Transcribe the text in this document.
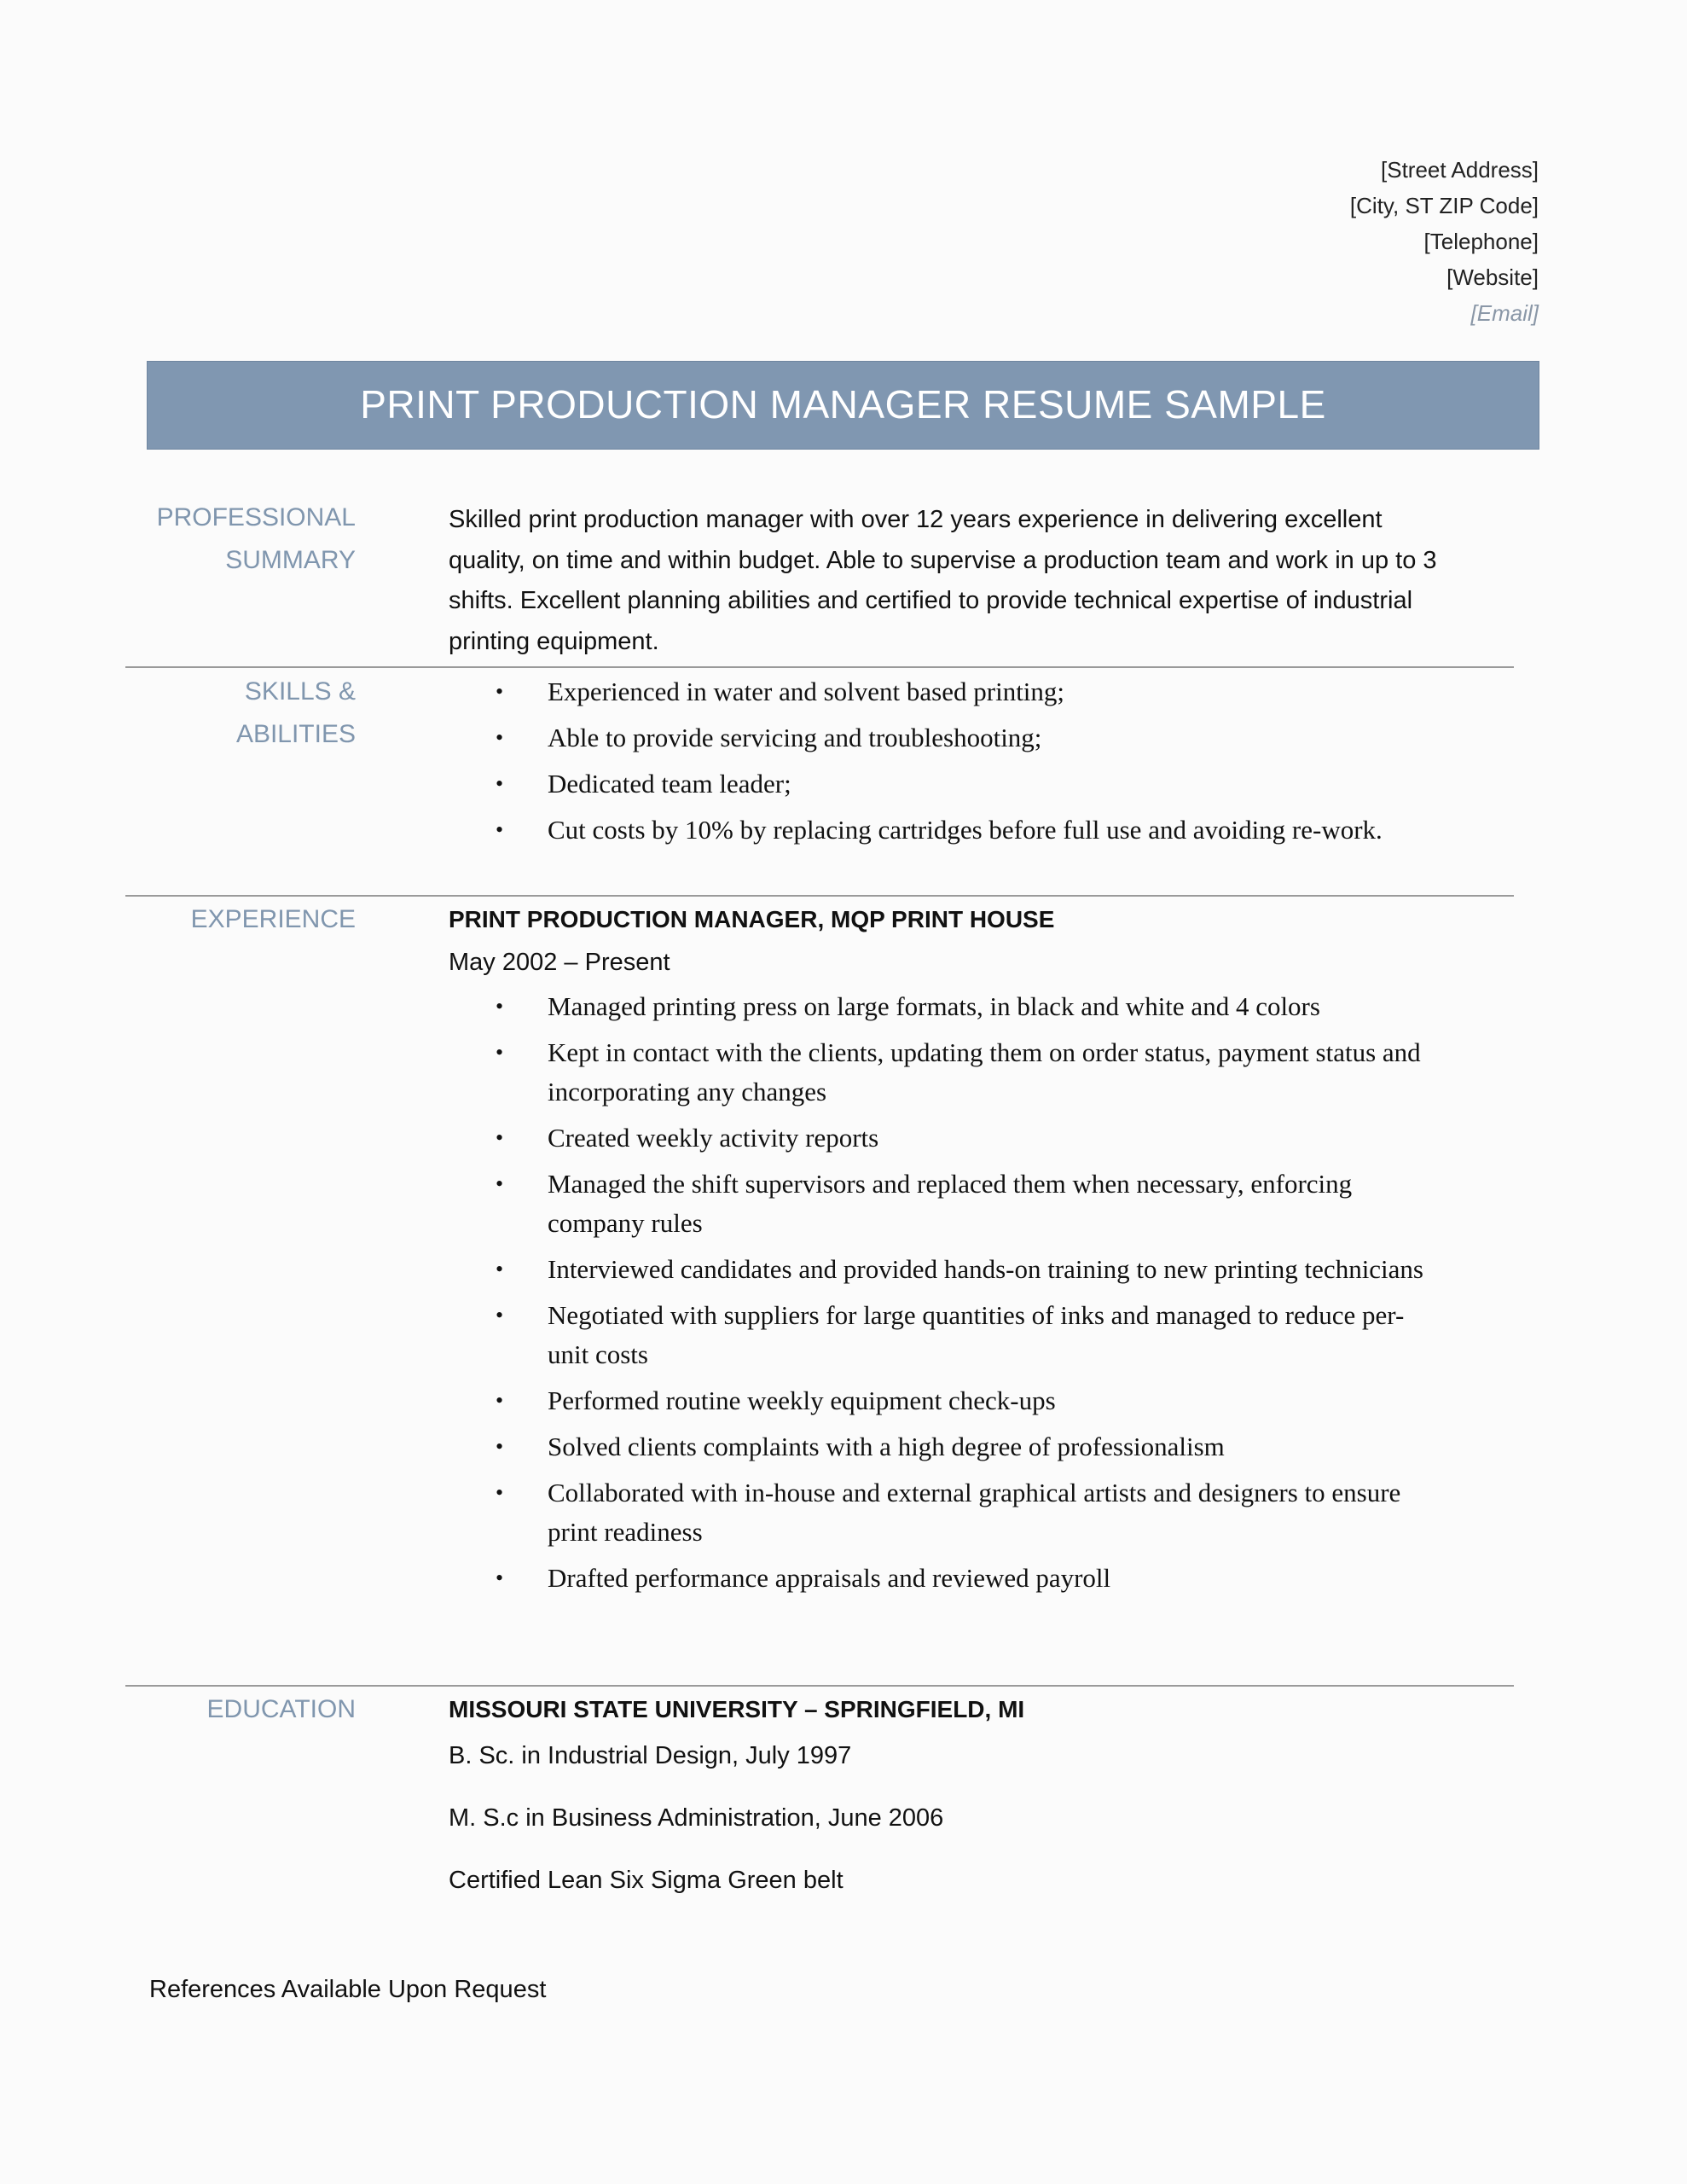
[Street Address]
[City, ST ZIP Code]
[Telephone]
[Website]
[Email]
PRINT PRODUCTION MANAGER RESUME SAMPLE
PROFESSIONAL
SUMMARY
Skilled print production manager with over 12 years experience in delivering excellent quality, on time and within budget. Able to supervise a production team and work in up to 3 shifts. Excellent planning abilities and certified to provide technical expertise of industrial printing equipment.
SKILLS & ABILITIES
• Experienced in water and solvent based printing;
• Able to provide servicing and troubleshooting;
• Dedicated team leader;
• Cut costs by 10% by replacing cartridges before full use and avoiding re-work.
EXPERIENCE	PRINT PRODUCTION MANAGER, MQP PRINT HOUSE
May 2002 – Present
• Managed printing press on large formats, in black and white and 4 colors
• Kept in contact with the clients, updating them on order status, payment status and incorporating any changes
• Created weekly activity reports
• Managed the shift supervisors and replaced them when necessary, enforcing company rules
• Interviewed candidates and provided hands-on training to new printing technicians
• Negotiated with suppliers for large quantities of inks and managed to reduce per-unit costs
• Performed routine weekly equipment check-ups
• Solved clients complaints with a high degree of professionalism
• Collaborated with in-house and external graphical artists and designers to ensure print readiness
• Drafted performance appraisals and reviewed payroll
EDUCATION	MISSOURI STATE UNIVERSITY – SPRINGFIELD, MI
B. Sc. in Industrial Design, July 1997
M. S.c in Business Administration, June 2006
Certified Lean Six Sigma Green belt
References Available Upon Request
